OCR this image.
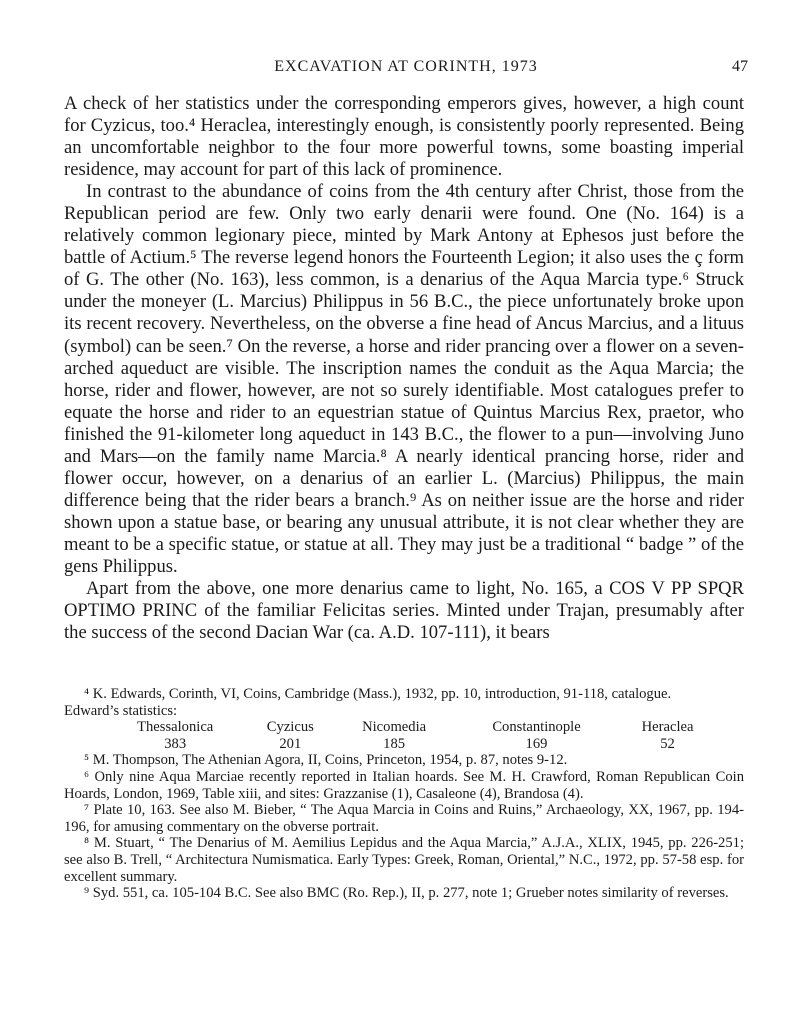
EXCAVATION AT CORINTH, 1973	47

A check of her statistics under the corresponding emperors gives, however, a high count for Cyzicus, too.⁴ Heraclea, interestingly enough, is consistently poorly represented. Being an uncomfortable neighbor to the four more powerful towns, some boasting imperial residence, may account for part of this lack of prominence.

In contrast to the abundance of coins from the 4th century after Christ, those from the Republican period are few. Only two early denarii were found. One (No. 164) is a relatively common legionary piece, minted by Mark Antony at Ephesos just before the battle of Actium.⁵ The reverse legend honors the Fourteenth Legion; it also uses the ç form of G. The other (No. 163), less common, is a denarius of the Aqua Marcia type.⁶ Struck under the moneyer (L. Marcius) Philippus in 56 B.C., the piece unfortunately broke upon its recent recovery. Nevertheless, on the obverse a fine head of Ancus Marcius, and a lituus (symbol) can be seen.⁷ On the reverse, a horse and rider prancing over a flower on a seven-arched aqueduct are visible. The inscription names the conduit as the Aqua Marcia; the horse, rider and flower, however, are not so surely identifiable. Most catalogues prefer to equate the horse and rider to an equestrian statue of Quintus Marcius Rex, praetor, who finished the 91-kilometer long aqueduct in 143 B.C., the flower to a pun—involving Juno and Mars—on the family name Marcia.⁸ A nearly identical prancing horse, rider and flower occur, however, on a denarius of an earlier L. (Marcius) Philippus, the main difference being that the rider bears a branch.⁹ As on neither issue are the horse and rider shown upon a statue base, or bearing any unusual attribute, it is not clear whether they are meant to be a specific statue, or statue at all. They may just be a traditional “ badge ” of the gens Philippus.

Apart from the above, one more denarius came to light, No. 165, a COS V PP SPQR OPTIMO PRINC of the familiar Felicitas series. Minted under Trajan, presumably after the success of the second Dacian War (ca. A.D. 107-111), it bears

⁴ K. Edwards, Corinth, VI, Coins, Cambridge (Mass.), 1932, pp. 10, introduction, 91-118, catalogue.

Edward’s statistics:

Thessalonica	Cyzicus	Nicomedia	Constantinople	Heraclea
383	201	185	169	52

⁵ M. Thompson, The Athenian Agora, II, Coins, Princeton, 1954, p. 87, notes 9-12.

⁶ Only nine Aqua Marciae recently reported in Italian hoards. See M. H. Crawford, Roman Republican Coin Hoards, London, 1969, Table xiii, and sites: Grazzanise (1), Casaleone (4), Brandosa (4).

⁷ Plate 10, 163. See also M. Bieber, “ The Aqua Marcia in Coins and Ruins,” Archaeology, XX, 1967, pp. 194-196, for amusing commentary on the obverse portrait.

⁸ M. Stuart, “ The Denarius of M. Aemilius Lepidus and the Aqua Marcia,” A.J.A., XLIX, 1945, pp. 226-251; see also B. Trell, “ Architectura Numismatica. Early Types: Greek, Roman, Oriental,” N.C., 1972, pp. 57-58 esp. for excellent summary.

⁹ Syd. 551, ca. 105-104 B.C. See also BMC (Ro. Rep.), II, p. 277, note 1; Grueber notes similarity of reverses.
